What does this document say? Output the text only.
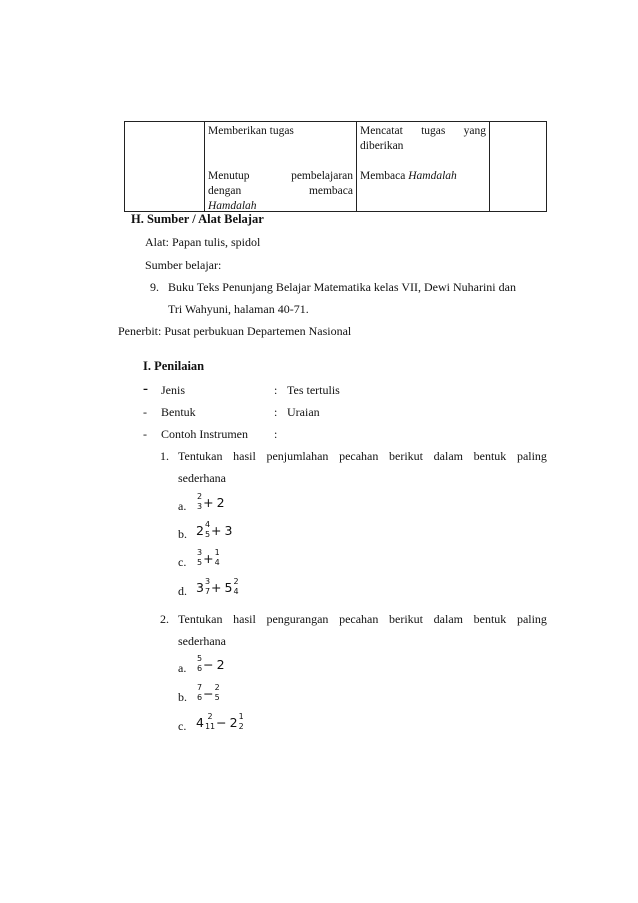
Memberikan tugas
Menutup	pembelajaran
dengan	membaca
Hamdalah

Mencatat tugas yang
diberikan
Membaca Hamdalah

H. Sumber / Alat Belajar
Alat: Papan tulis, spidol
Sumber belajar:
9. Buku Teks Penunjang Belajar Matematika kelas VII, Dewi Nuharini dan
Tri Wahyuni, halaman 40-71.
Penerbit: Pusat perbukuan Departemen Nasional
I. Penilaian
- Jenis	: Tes tertulis
- Bentuk	: Uraian
- Contoh Instrumen :
1. Tentukan hasil penjumlahan pecahan berikut dalam bentuk paling
sederhana
a.
2
3 +
2
b. 2 4
5 +
3
c.
3
5 + 1
4
d. 3 3
7 +
5 2
4
2. Tentukan hasil pengurangan pecahan berikut dalam bentuk paling
sederhana
a.
5
6 −
2
b.
7
6 − 2
5
c. 4 2
11 −
2 1
2
